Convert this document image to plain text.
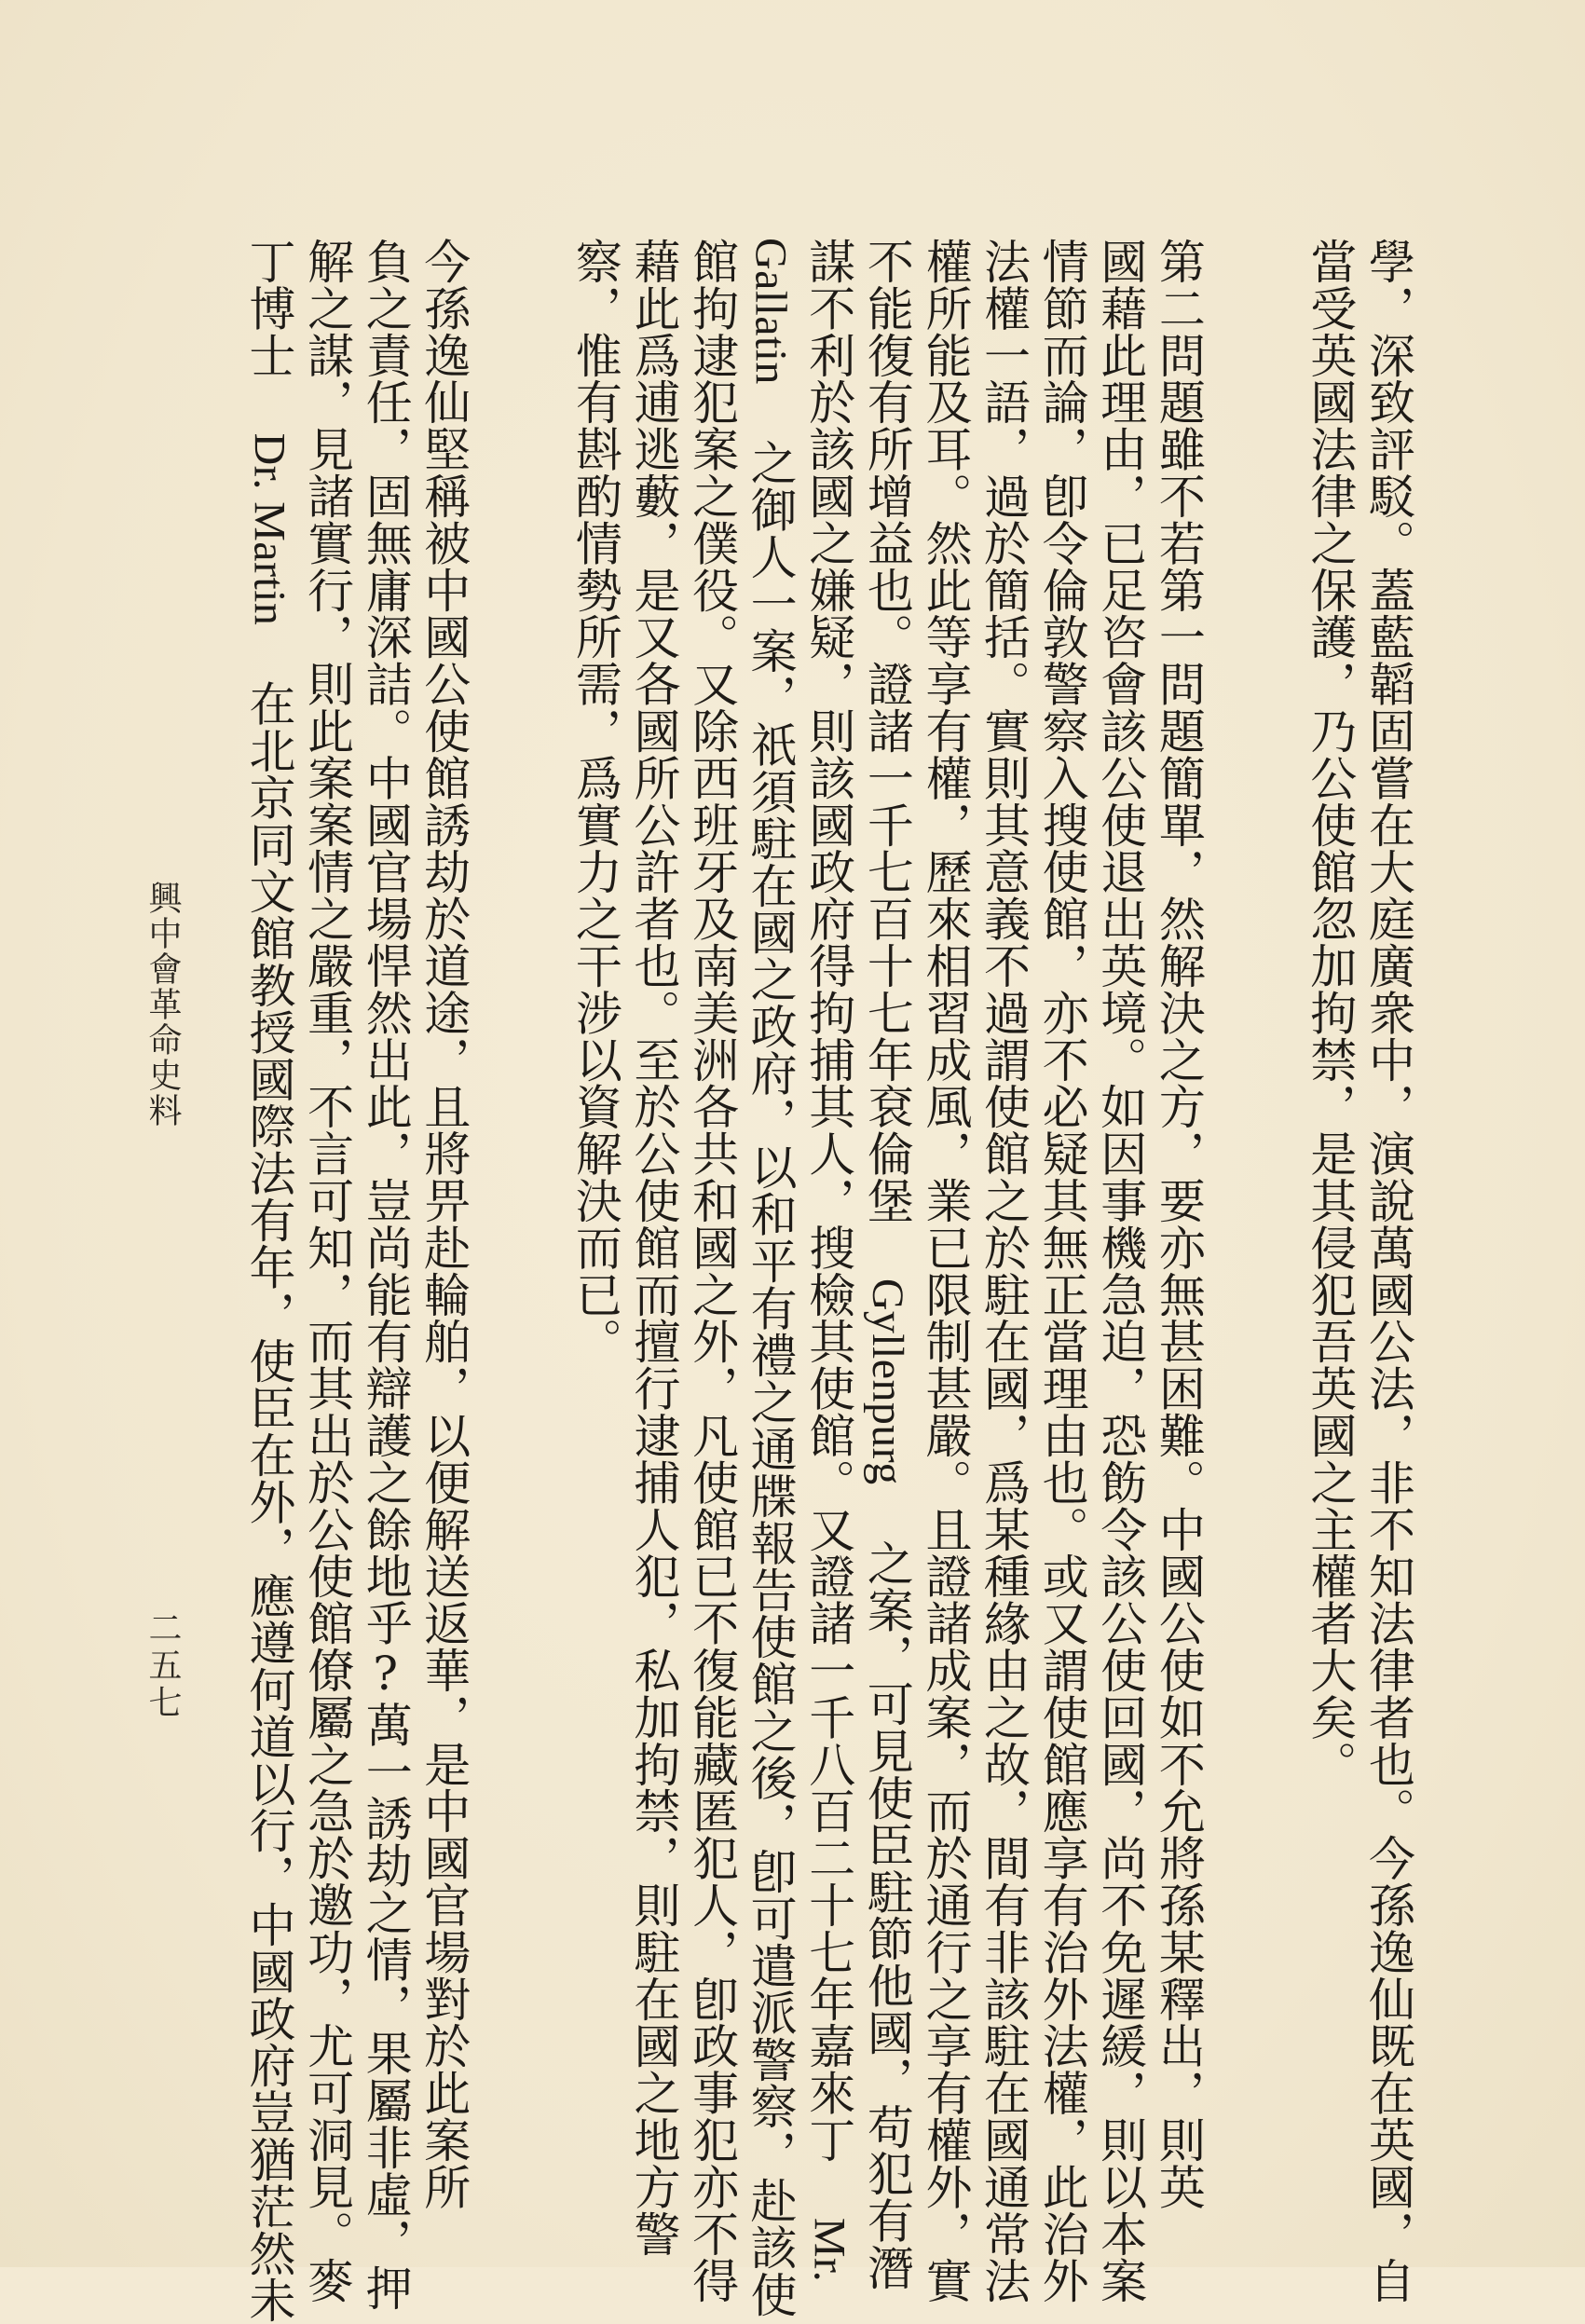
學，深致評駁。蓋藍韜固嘗在大庭廣衆中，演說萬國公法，非不知法律者也。今孫逸仙既在英國，自
當受英國法律之保護，乃公使館忽加拘禁，是其侵犯吾英國之主權者大矣。
第二問題雖不若第一問題簡單，然解決之方，要亦無甚困難。中國公使如不允將孫某釋出，則英
國藉此理由，已足咨會該公使退出英境。如因事機急迫，恐飭令該公使回國，尚不免遲緩，則以本案
情節而論，卽令倫敦警察入搜使館，亦不必疑其無正當理由也。或又謂使館應享有治外法權，此治外
法權一語，過於簡括。實則其意義不過謂使館之於駐在國，爲某種緣由之故，間有非該駐在國通常法
權所能及耳。然此等享有權，歷來相習成風，業已限制甚嚴。且證諸成案，而於通行之享有權外，實
不能復有所增益也。證諸一千七百十七年袞倫堡 Gyllenpurg 之案，可見使臣駐節他國，苟犯有潛
謀不利於該國之嫌疑，則該國政府得拘捕其人，搜檢其使館。又證諸一千八百二十七年嘉來丁 Mr.
Gallatin 之御人一案，祇須駐在國之政府，以和平有禮之通牒報告使館之後，卽可遣派警察，赴該使
館拘逮犯案之僕役。又除西班牙及南美洲各共和國之外，凡使館已不復能藏匿犯人，卽政事犯亦不得
藉此爲逋逃藪，是又各國所公許者也。至於公使館而擅行逮捕人犯，私加拘禁，則駐在國之地方警
察，惟有斟酌情勢所需，爲實力之干涉以資解決而已。
今孫逸仙堅稱被中國公使館誘劫於道途，且將畀赴輪舶，以便解送返華，是中國官場對於此案所
負之責任，固無庸深詰。中國官場悍然出此，豈尚能有辯護之餘地乎?萬一誘劫之情，果屬非虛，押
解之謀，見諸實行，則此案案情之嚴重，不言可知，而其出於公使館僚屬之急於邀功，尤可洞見。麥
丁博士 Dr. Martin 在北京同文館教授國際法有年，使臣在外，應遵何道以行，中國政府豈猶茫然未
興中會革命史料
二五七
